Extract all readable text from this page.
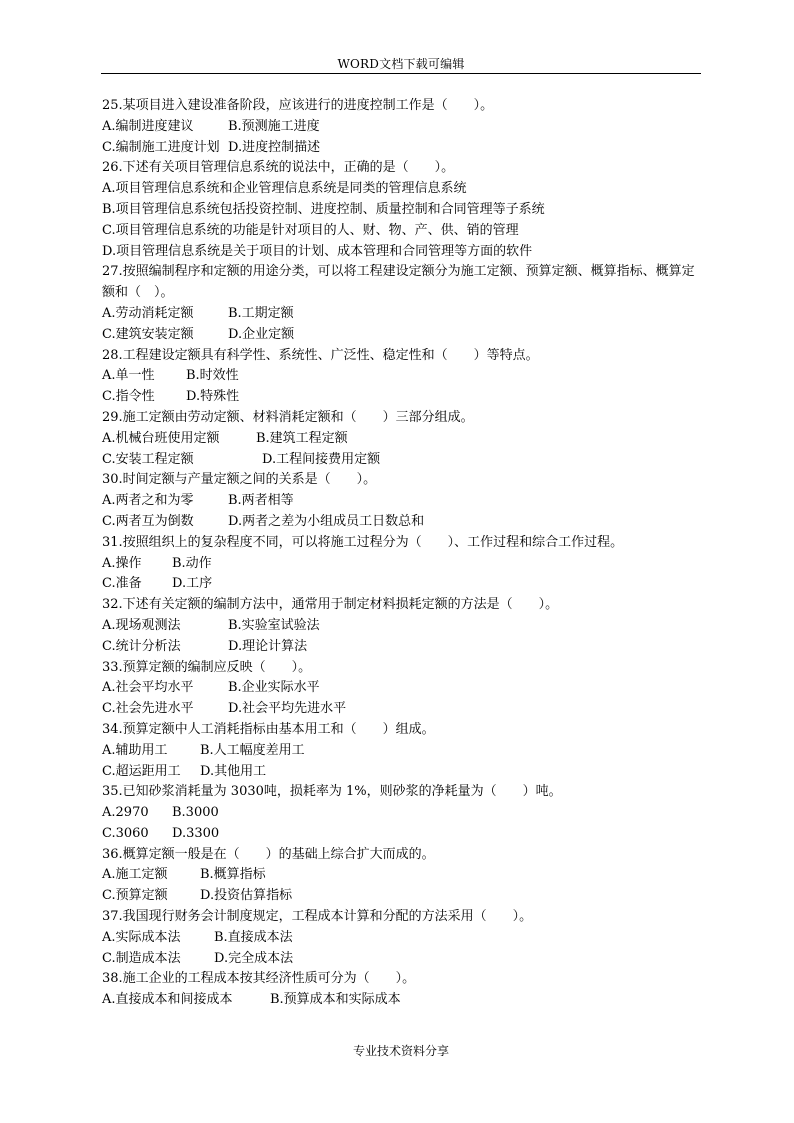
WORD文档下载可编辑
25.某项目进入建设准备阶段，应该进行的进度控制工作是（　　）。
A.编制进度建议	B.预测施工进度
C.编制施工进度计划 D.进度控制描述
26.下述有关项目管理信息系统的说法中，正确的是（　　）。
A.项目管理信息系统和企业管理信息系统是同类的管理信息系统
B.项目管理信息系统包括投资控制、进度控制、质量控制和合同管理等子系统
C.项目管理信息系统的功能是针对项目的人、财、物、产、供、销的管理
D.项目管理信息系统是关于项目的计划、成本管理和合同管理等方面的软件
27.按照编制程序和定额的用途分类，可以将工程建设定额分为施工定额、预算定额、概算指标、概算定额和（　）。
A.劳动消耗定额	B.工期定额
C.建筑安装定额	D.企业定额
28.工程建设定额具有科学性、系统性、广泛性、稳定性和（　　）等特点。
A.单一性 B.时效性
C.指令性 D.特殊性
29.施工定额由劳动定额、材料消耗定额和（　　）三部分组成。
A.机械台班使用定额	B.建筑工程定额
C.安装工程定额	D.工程间接费用定额
30.时间定额与产量定额之间的关系是（　　）。
A.两者之和为零	B.两者相等
C.两者互为倒数	D.两者之差为小组成员工日数总和
31.按照组织上的复杂程度不同，可以将施工过程分为（　　）、工作过程和综合工作过程。
A.操作 B.动作
C.准备 D.工序
32.下述有关定额的编制方法中，通常用于制定材料损耗定额的方法是（　　）。
A.现场观测法	B.实验室试验法
C.统计分析法	D.理论计算法
33.预算定额的编制应反映（　　）。
A.社会平均水平	B.企业实际水平
C.社会先进水平	D.社会平均先进水平
34.预算定额中人工消耗指标由基本用工和（　　）组成。
A.辅助用工 B.人工幅度差用工
C.超运距用工 D.其他用工
35.已知砂浆消耗量为 3030吨，损耗率为 1%，则砂浆的净耗量为（　　）吨。
A.2970 B.3000
C.3060 D.3300
36.概算定额一般是在（　　）的基础上综合扩大而成的。
A.施工定额 B.概算指标
C.预算定额 D.投资估算指标
37.我国现行财务会计制度规定，工程成本计算和分配的方法采用（　　）。
A.实际成本法	B.直接成本法
C.制造成本法	D.完全成本法
38.施工企业的工程成本按其经济性质可分为（　　）。
A.直接成本和间接成本	B.预算成本和实际成本
专业技术资料分享
